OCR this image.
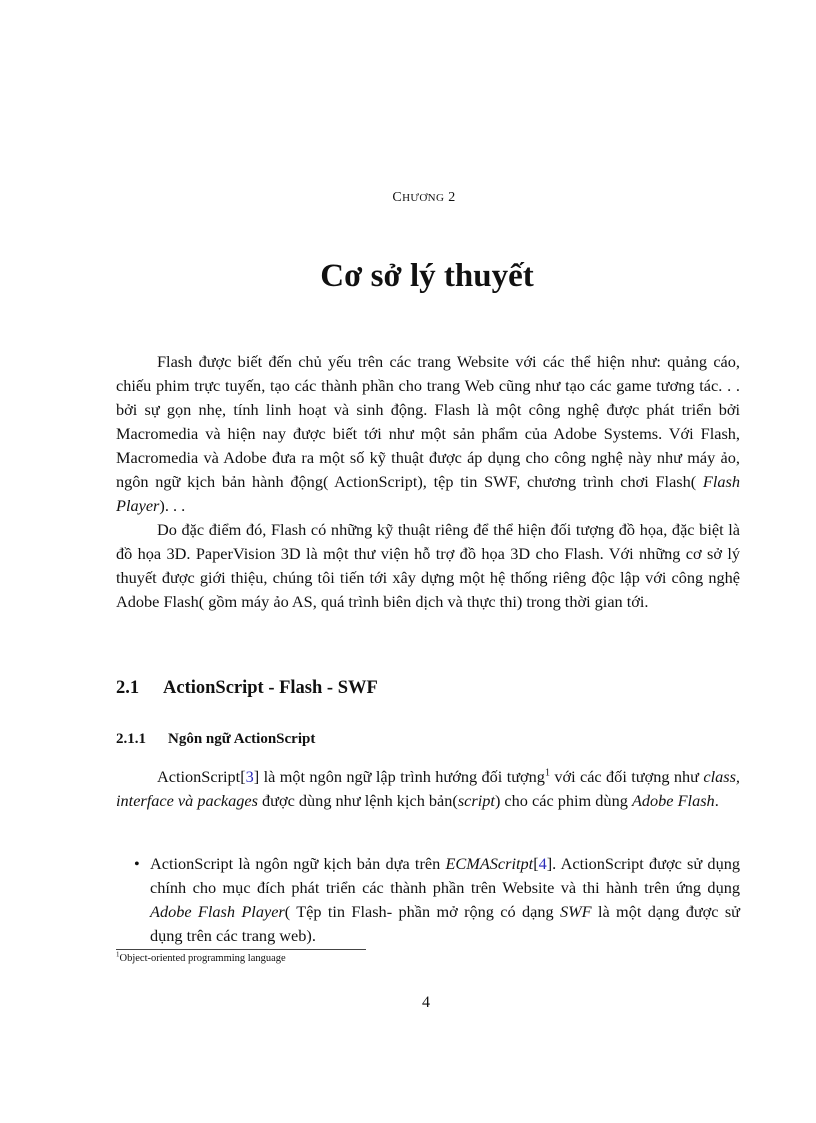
CHƯƠNG 2
Cơ sở lý thuyết

Flash được biết đến chủ yếu trên các trang Website với các thể hiện như: quảng cáo, chiếu phim trực tuyến, tạo các thành phần cho trang Web cũng như tạo các game tương tác. . . bởi sự gọn nhẹ, tính linh hoạt và sinh động. Flash là một công nghệ được phát triển bởi Macromedia và hiện nay được biết tới như một sản phẩm của Adobe Systems. Với Flash, Macromedia và Adobe đưa ra một số kỹ thuật được áp dụng cho công nghệ này như máy ảo, ngôn ngữ kịch bản hành động( ActionScript), tệp tin SWF, chương trình chơi Flash( Flash Player). . .

Do đặc điểm đó, Flash có những kỹ thuật riêng để thể hiện đối tượng đồ họa, đặc biệt là đồ họa 3D. PaperVision 3D là một thư viện hỗ trợ đồ họa 3D cho Flash. Với những cơ sở lý thuyết được giới thiệu, chúng tôi tiến tới xây dựng một hệ thống riêng độc lập với công nghệ Adobe Flash( gồm máy ảo AS, quá trình biên dịch và thực thi) trong thời gian tới.

2.1 ActionScript - Flash - SWF
2.1.1 Ngôn ngữ ActionScript

ActionScript[3] là một ngôn ngữ lập trình hướng đối tượng$^1$ với các đối tượng như class, interface và packages được dùng như lệnh kịch bản(script) cho các phim dùng Adobe Flash.

• ActionScript là ngôn ngữ kịch bản dựa trên ECMAScritpt[4]. ActionScript được sử dụng chính cho mục đích phát triển các thành phần trên Website và thi hành trên ứng dụng Adobe Flash Player( Tệp tin Flash- phần mở rộng có dạng SWF là một dạng được sử dụng trên các trang web).
$^1$Object-oriented programming language
4
